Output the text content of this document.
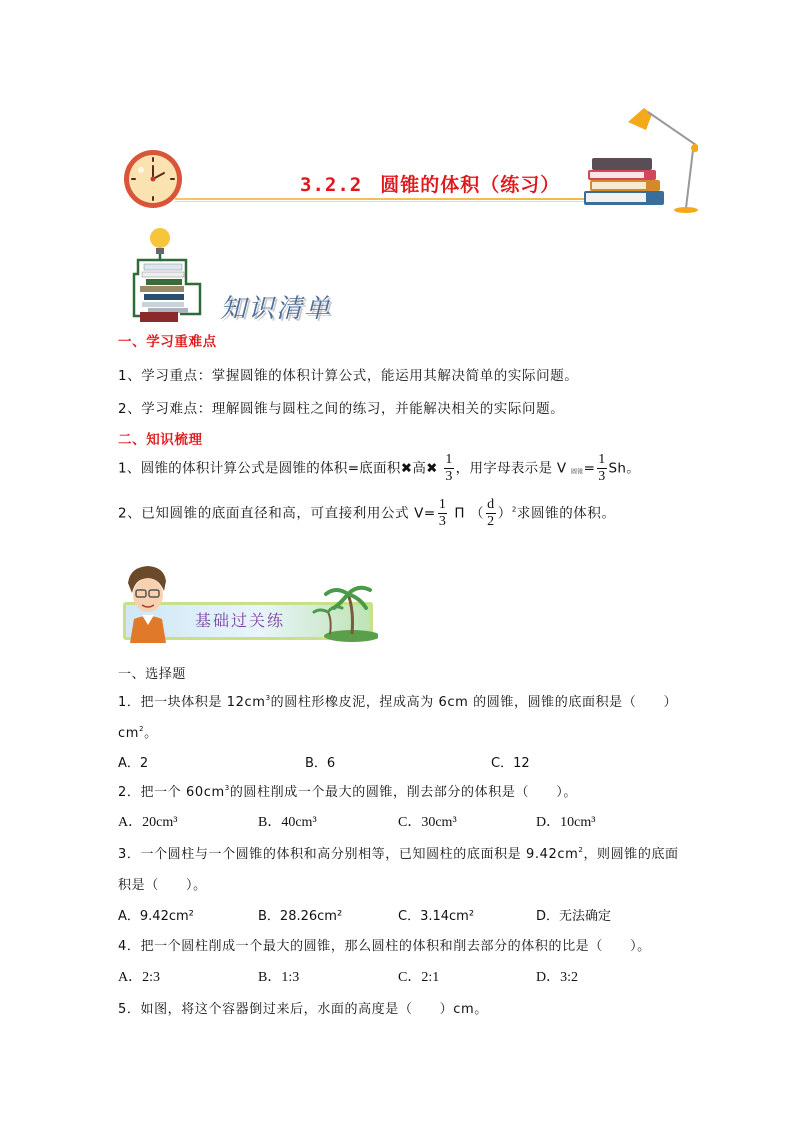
3.2.2 圆锥的体积（练习）
知识清单
一、学习重难点
1、学习重点：掌握圆锥的体积计算公式，能运用其解决简单的实际问题。
2、学习难点：理解圆锥与圆柱之间的练习，并能解决相关的实际问题。
二、知识梳理
1、圆锥的体积计算公式是圆锥的体积=底面积✖高✖ $\frac{1}{3}$ ，用字母表示是 V 圆锥= $\frac{1}{3}$ Sh。
2、已知圆锥的底面直径和高，可直接利用公式 $V= \frac{1}{3}$ Π （ $\frac{d}{2} )^2$求圆锥的体积。
基础过关练
一、选择题
1．把一块体积是 $12cm^3$的圆柱形橡皮泥，捏成高为 6cm 的圆锥，圆锥的底面积是（　　）
$cm^2$。
A．2	B．6	C．12
2．把一个 $60cm^3$的圆柱削成一个最大的圆锥，削去部分的体积是（　　）。
A．20cm³	B．40cm³	C．30cm³	D．10cm³
3．一个圆柱与一个圆锥的体积和高分别相等，已知圆柱的底面积是 $9.42cm^2$，则圆锥的底面
积是（　　）。
A．9.42cm²	B．28.26cm²	C．3.14cm²	D．无法确定
4．把一个圆柱削成一个最大的圆锥，那么圆柱的体积和削去部分的体积的比是（　　）。
A．2:3	B．1:3	C．2:1	D．3:2
5．如图，将这个容器倒过来后，水面的高度是（　　）cm。
